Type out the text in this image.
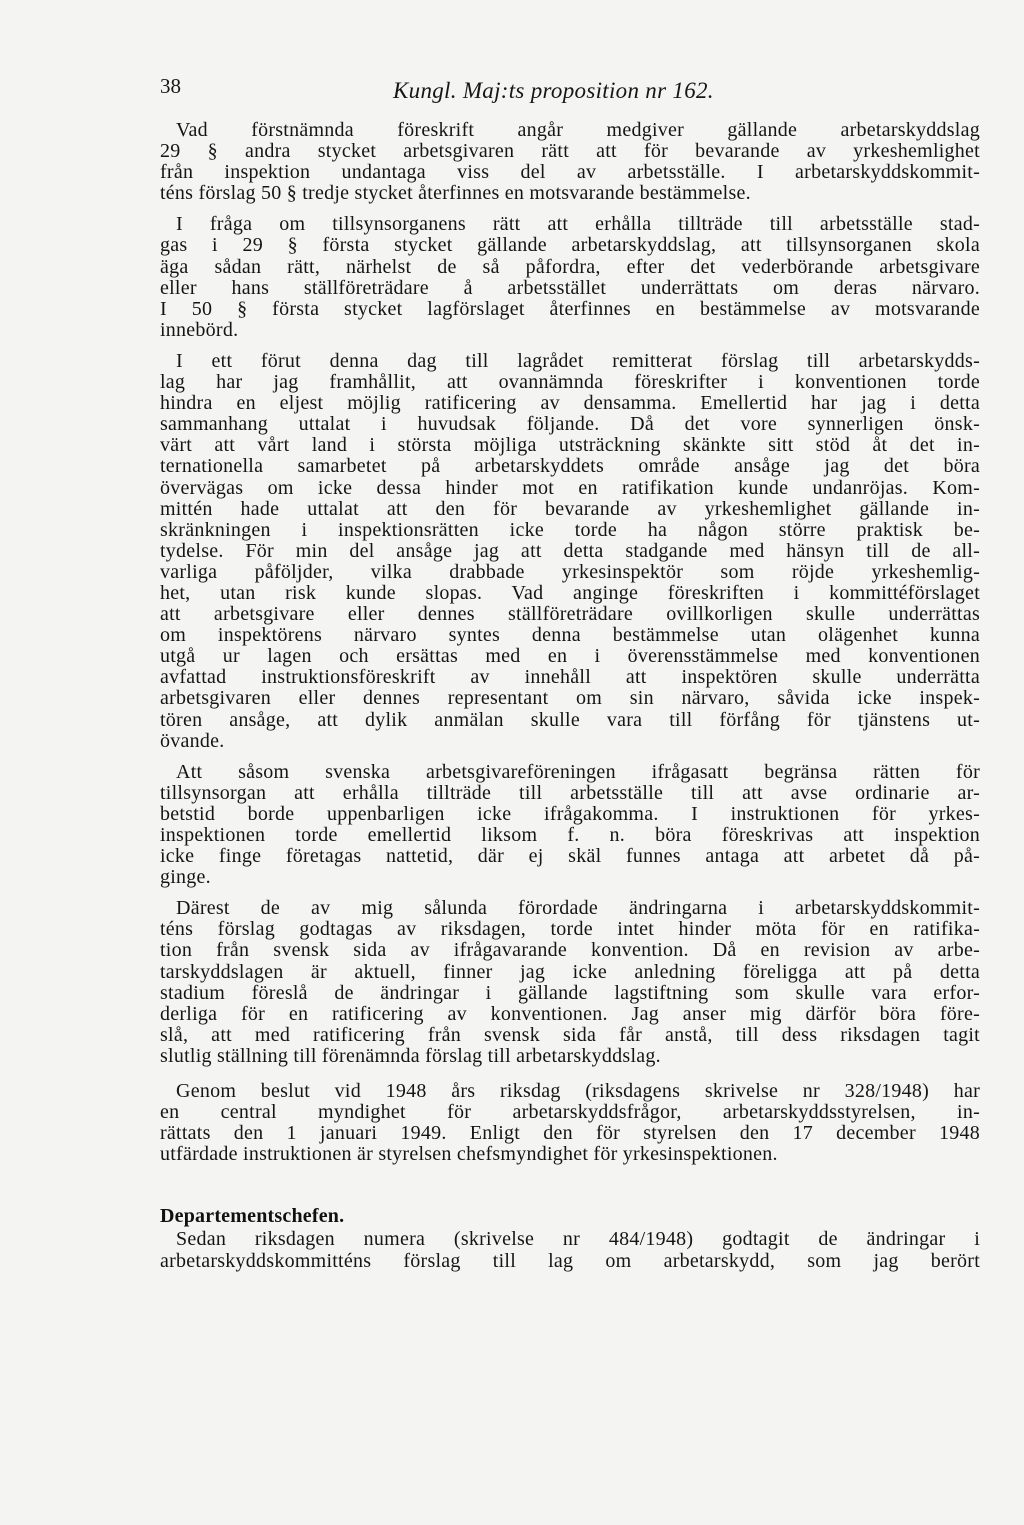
38	Kungl. Maj:ts proposition nr 162.
Vad förstnämnda föreskrift angår medgiver gällande arbetarskyddslag
29 § andra stycket arbetsgivaren rätt att för bevarande av yrkeshemlighet
från inspektion undantaga viss del av arbetsställe. I arbetarskyddskommit-
téns förslag 50 § tredje stycket återfinnes en motsvarande bestämmelse.
I fråga om tillsynsorganens rätt att erhålla tillträde till arbetsställe stad-
gas i 29 § första stycket gällande arbetarskyddslag, att tillsynsorganen skola
äga sådan rätt, närhelst de så påfordra, efter det vederbörande arbetsgivare
eller hans ställföreträdare å arbetsstället underrättats om deras närvaro.
I 50 § första stycket lagförslaget återfinnes en bestämmelse av motsvarande
innebörd.
I ett förut denna dag till lagrådet remitterat förslag till arbetarskydds-
lag har jag framhållit, att ovannämnda föreskrifter i konventionen torde
hindra en eljest möjlig ratificering av densamma. Emellertid har jag i detta
sammanhang uttalat i huvudsak följande. Då det vore synnerligen önsk-
värt att vårt land i största möjliga utsträckning skänkte sitt stöd åt det in-
ternationella samarbetet på arbetarskyddets område ansåge jag det böra
övervägas om icke dessa hinder mot en ratifikation kunde undanröjas. Kom-
mittén hade uttalat att den för bevarande av yrkeshemlighet gällande in-
skränkningen i inspektionsrätten icke torde ha någon större praktisk be-
tydelse. För min del ansåge jag att detta stadgande med hänsyn till de all-
varliga påföljder, vilka drabbade yrkesinspektör som röjde yrkeshemlig-
het, utan risk kunde slopas. Vad anginge föreskriften i kommittéförslaget
att arbetsgivare eller dennes ställföreträdare ovillkorligen skulle underrättas
om inspektörens närvaro syntes denna bestämmelse utan olägenhet kunna
utgå ur lagen och ersättas med en i överensstämmelse med konventionen
avfattad instruktionsföreskrift av innehåll att inspektören skulle underrätta
arbetsgivaren eller dennes representant om sin närvaro, såvida icke inspek-
tören ansåge, att dylik anmälan skulle vara till förfång för tjänstens ut-
övande.
Att såsom svenska arbetsgivareföreningen ifrågasatt begränsa rätten för
tillsynsorgan att erhålla tillträde till arbetsställe till att avse ordinarie ar-
betstid borde uppenbarligen icke ifrågakomma. I instruktionen för yrkes-
inspektionen torde emellertid liksom f. n. böra föreskrivas att inspektion
icke finge företagas nattetid, där ej skäl funnes antaga att arbetet då på-
ginge.
Därest de av mig sålunda förordade ändringarna i arbetarskyddskommit-
téns förslag godtagas av riksdagen, torde intet hinder möta för en ratifika-
tion från svensk sida av ifrågavarande konvention. Då en revision av arbe-
tarskyddslagen är aktuell, finner jag icke anledning föreligga att på detta
stadium föreslå de ändringar i gällande lagstiftning som skulle vara erfor-
derliga för en ratificering av konventionen. Jag anser mig därför böra före-
slå, att med ratificering från svensk sida får anstå, till dess riksdagen tagit
slutlig ställning till förenämnda förslag till arbetarskyddslag.
Genom beslut vid 1948 års riksdag (riksdagens skrivelse nr 328/1948) har
en central myndighet för arbetarskyddsfrågor, arbetarskyddsstyrelsen, in-
rättats den 1 januari 1949. Enligt den för styrelsen den 17 december 1948
utfärdade instruktionen är styrelsen chefsmyndighet för yrkesinspektionen.
Departementschefen.
Sedan riksdagen numera (skrivelse nr 484/1948) godtagit de ändringar i
arbetarskyddskommitténs förslag till lag om arbetarskydd, som jag berört
